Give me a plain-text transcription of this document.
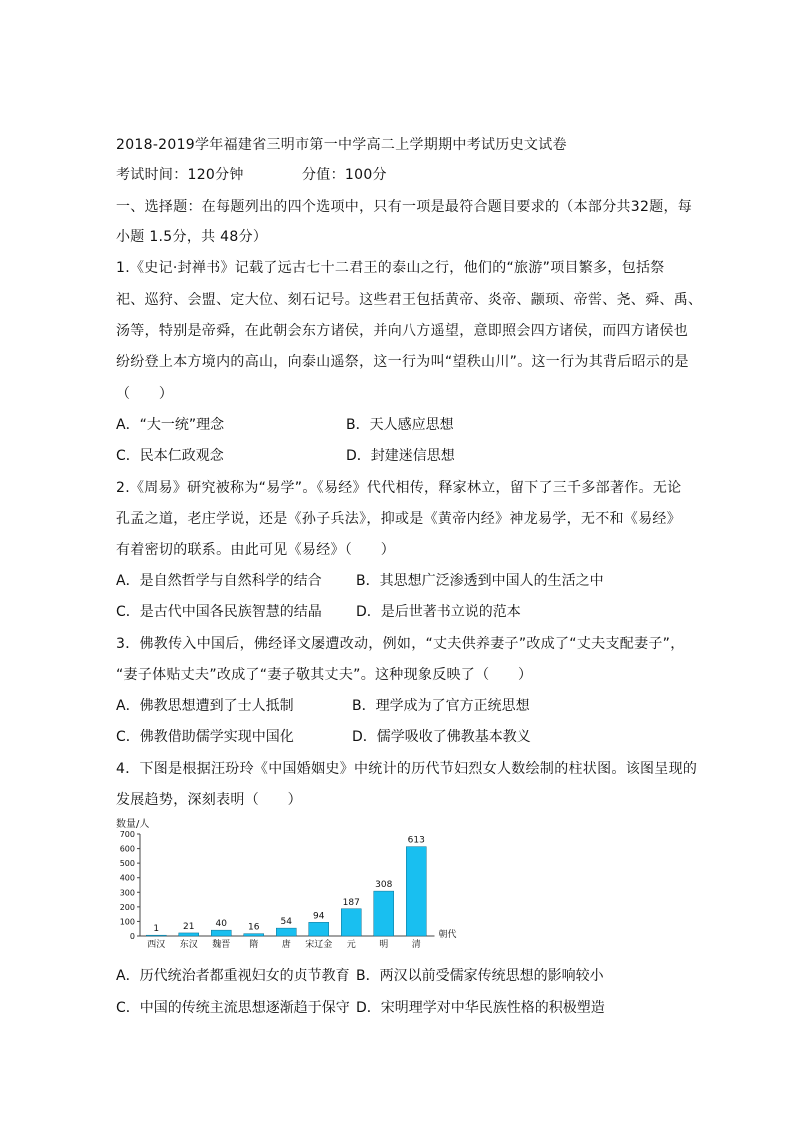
2018-2019学年福建省三明市第一中学高二上学期期中考试历史文试卷
考试时间：120分钟	分值：100分
一、选择题：在每题列出的四个选项中，只有一项是最符合题目要求的（本部分共32题，每
小题 1.5分，共 48分）
1.《史记·封禅书》记载了远古七十二君王的泰山之行，他们的“旅游”项目繁多，包括祭
祀、巡狩、会盟、定大位、刻石记号。这些君王包括黄帝、炎帝、颛顼、帝喾、尧、舜、禹、
汤等，特别是帝舜，在此朝会东方诸侯，并向八方遥望，意即照会四方诸侯，而四方诸侯也
纷纷登上本方境内的高山，向泰山遥祭，这一行为叫“望秩山川”。这一行为其背后昭示的是
（　　）
A．“大一统”理念	B．天人感应思想
C．民本仁政观念	D．封建迷信思想
2.《周易》研究被称为“易学”。《易经》代代相传，释家林立，留下了三千多部著作。无论
孔孟之道，老庄学说，还是《孙子兵法》，抑或是《黄帝内经》神龙易学，无不和《易经》
有着密切的联系。由此可见《易经》（　　）
A．是自然哲学与自然科学的结合 B．其思想广泛渗透到中国人的生活之中
C．是古代中国各民族智慧的结晶 D．是后世著书立说的范本
3．佛教传入中国后，佛经译文屡遭改动，例如，“丈夫供养妻子”改成了“丈夫支配妻子”，
“妻子体贴丈夫”改成了“妻子敬其丈夫”。这种现象反映了（　　）
A．佛教思想遭到了士人抵制	B．理学成为了官方正统思想
C．佛教借助儒学实现中国化	D．儒学吸收了佛教基本教义
4．下图是根据汪玢玲《中国婚姻史》中统计的历代节妇烈女人数绘制的柱状图。该图呈现的
发展趋势，深刻表明（　　）
数量/人
0
100
200
300
400
500
600
700
1
西汉
21
东汉
40
魏晋
16
隋
54
唐
94
宋辽金
187
元
308
明
613
清
朝代
A．历代统治者都重视妇女的贞节教育 B．两汉以前受儒家传统思想的影响较小
C．中国的传统主流思想逐渐趋于保守 D．宋明理学对中华民族性格的积极塑造
